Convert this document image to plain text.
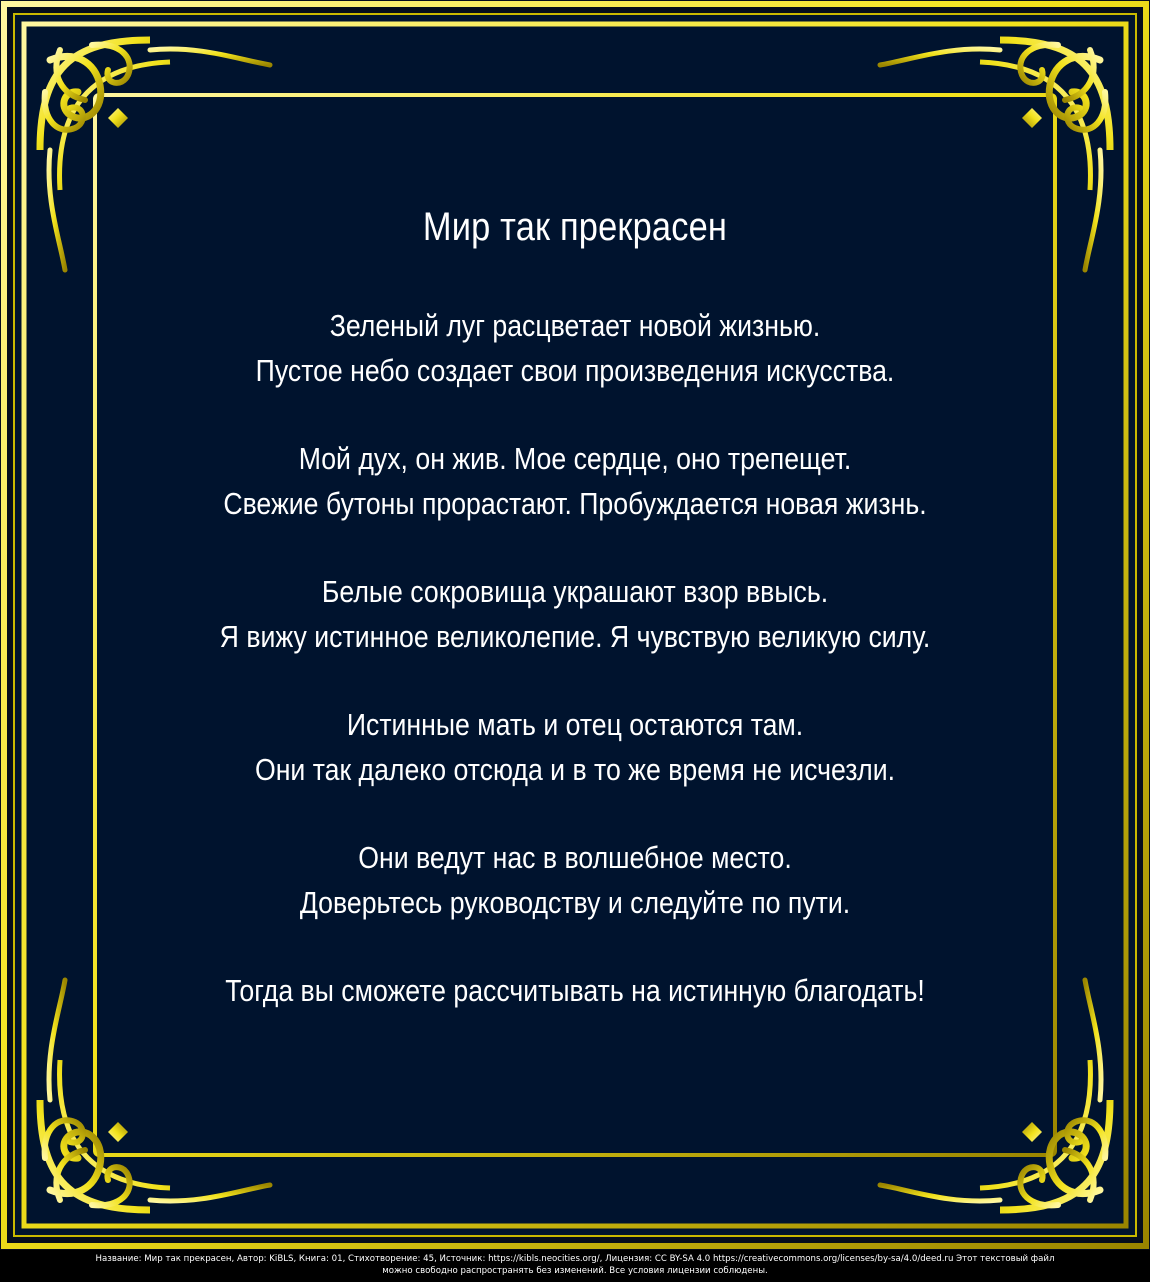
Мир так прекрасен
Зеленый луг расцветает новой жизнью.
Пустое небо создает свои произведения искусства.
Мой дух, он жив. Мое сердце, оно трепещет.
Свежие бутоны прорастают. Пробуждается новая жизнь.
Белые сокровища украшают взор ввысь.
Я вижу истинное великолепие. Я чувствую великую силу.
Истинные мать и отец остаются там.
Они так далеко отсюда и в то же время не исчезли.
Они ведут нас в волшебное место.
Доверьтесь руководству и следуйте по пути.
Тогда вы сможете рассчитывать на истинную благодать!
Название: Мир так прекрасен, Автор: KiBLS, Книга: 01, Стихотворение: 45, Источник: https://kibls.neocities.org/, Лицензия: CC BY-SA 4.0 https://creativecommons.org/licenses/by-sa/4.0/deed.ru Этот текстовый файл
можно свободно распространять без изменений. Все условия лицензии соблюдены.
